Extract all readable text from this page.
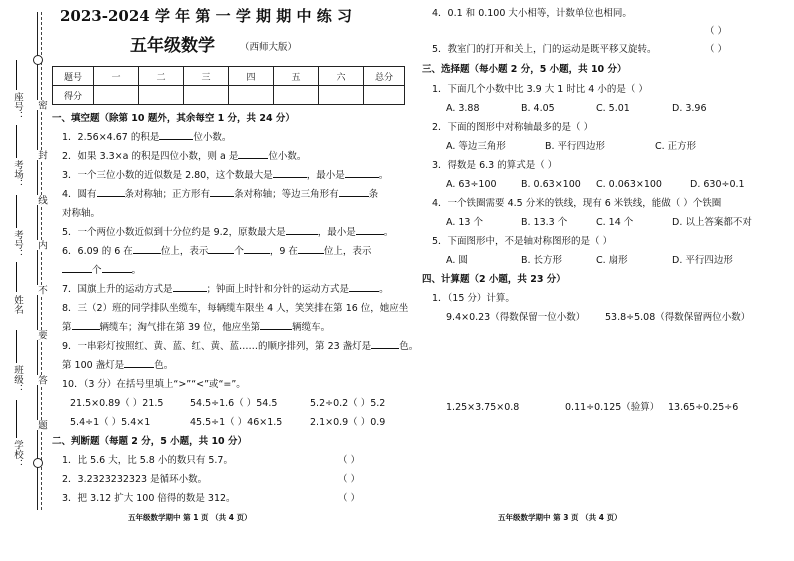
密
封
线
内
不
要
答
题
座号：
考场：
考号：
姓名
班级：
学校：
2023-2024 学 年 第 一 学 期 期 中 练 习
五年级数学	（西师大版）
题号	一	二	三	四	五	六	总分
得分							
一、填空题（除第 10 题外，其余每空 1 分，共 24 分）
1．2.56×4.67 的积是	位小数。
2．如果 3.3×a 的积是四位小数，则 a 是	位小数。
3．一个三位小数的近似数是 2.80，这个数最大是	，最小是	。
4．圆有	条对称轴；正方形有	条对称轴；等边三角形有	条
对称轴。
5．一个两位小数近似到十分位约是 9.2，原数最大是	，最小是	。
6．6.09 的 6 在	位上，表示	个	，9 在	位上，表示
个	。
7．国旗上升的运动方式是	；钟面上时针和分针的运动方式是	。
8．三（2）班的同学排队坐缆车，每辆缆车限坐 4 人，笑笑排在第 16 位，她应坐
第	辆缆车；淘气排在第 39 位，他应坐第	辆缆车。
9．一串彩灯按照红、黄、蓝、红、黄、蓝……的顺序排列，第 23 盏灯是	色。
第 100 盏灯是	色。
10．（3 分）在括号里填上“>”“<”或“=”。
21.5×0.89（ ）21.5	54.5÷1.6（ ）54.5	5.2÷0.2（ ）5.2
5.4÷1（ ）5.4×1	45.5÷1（ ）46×1.5	2.1×0.9（ ）0.9
二、判断题（每题 2 分，5 小题，共 10 分）
1．比 5.6 大，比 5.8 小的数只有 5.7。	（ ）
2．3.2323232323 是循环小数。	（ ）
3．把 3.12 扩大 100 倍得的数是 312。	（ ）
五年级数学期中 第 1 页 （共 4 页）
4．0.1 和 0.100 大小相等，计数单位也相同。
（ ）
5．教室门的打开和关上，门的运动是既平移又旋转。	（ ）
三、选择题（每小题 2 分，5 小题，共 10 分）
1．下面几个小数中比 3.9 大 1 时比 4 小的是（ ）
A. 3.88	B. 4.05	C. 5.01	D. 3.96
2．下面的图形中对称轴最多的是（ ）
A. 等边三角形	B. 平行四边形	C. 正方形
3．得数是 6.3 的算式是（ ）
A. 63÷100	B. 0.63×100 C. 0.063×100	D. 630÷0.1
4．一个铁圈需要 4.5 分米的铁线，现有 6 米铁线，能做（ ）个铁圈
A. 13 个	B. 13.3 个	C. 14 个	D. 以上答案都不对
5．下面图形中，不是轴对称图形的是（ ）
A. 圆	B. 长方形	C. 扇形	D. 平行四边形
四、计算题（2 小题，共 23 分）
1．（15 分）计算。
9.4×0.23（得数保留一位小数） 53.8÷5.08（得数保留两位小数）
1.25×3.75×0.8	0.11÷0.125（验算） 13.65÷0.25÷6
五年级数学期中 第 3 页 （共 4 页）
